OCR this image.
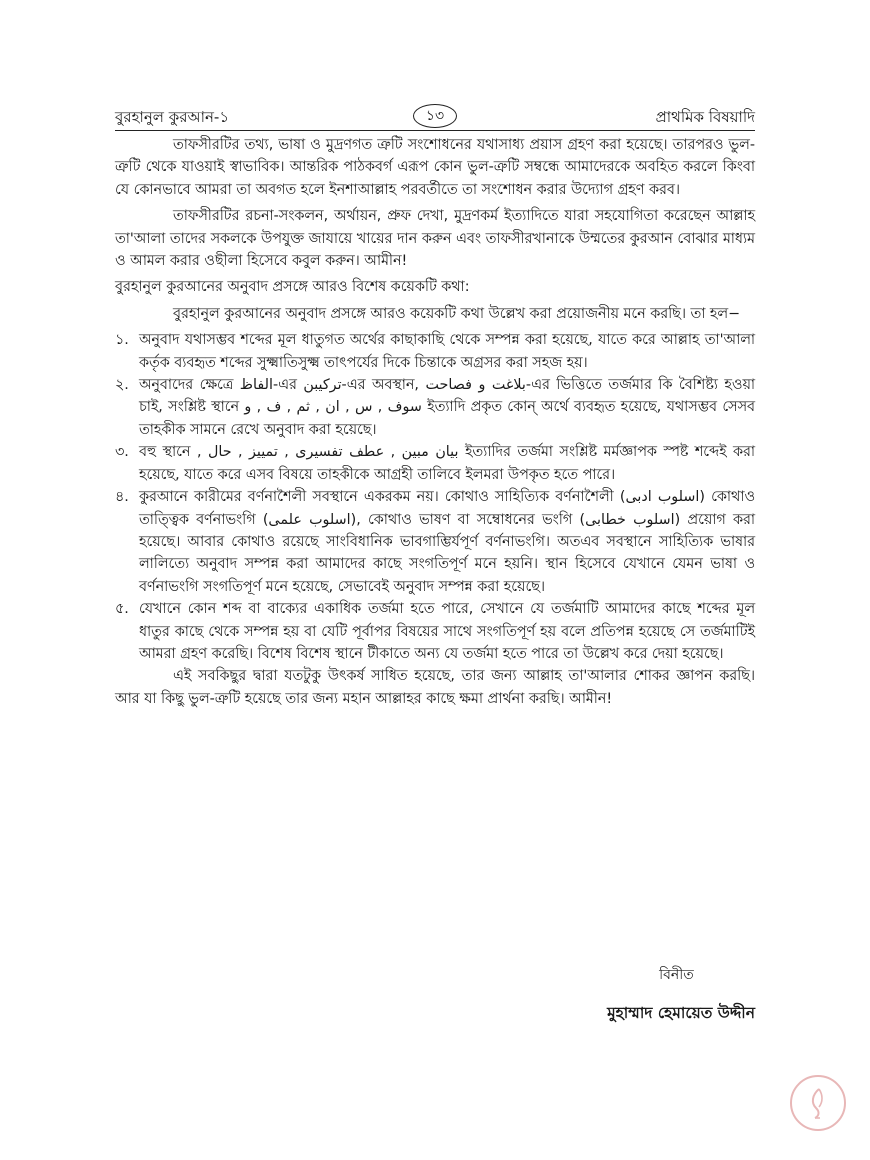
বুরহানুল কুরআন-১	১৩	প্রাথমিক বিষয়াদি

তাফসীরটির তথ্য, ভাষা ও মুদ্রণগত ত্রুটি সংশোধনের যথাসাধ্য প্রয়াস গ্রহণ করা হয়েছে। তারপরও ভুল-ত্রুটি থেকে যাওয়াই স্বাভাবিক। আন্তরিক পাঠকবর্গ এরূপ কোন ভুল-ত্রুটি সম্বন্ধে আমাদেরকে অবহিত করলে কিংবা যে কোনভাবে আমরা তা অবগত হলে ইনশাআল্লাহ পরবর্তীতে তা সংশোধন করার উদ্যোগ গ্রহণ করব।

তাফসীরটির রচনা-সংকলন, অর্থায়ন, প্রুফ দেখা, মুদ্রণকর্ম ইত্যাদিতে যারা সহযোগিতা করেছেন আল্লাহ তা'আলা তাদের সকলকে উপযুক্ত জাযায়ে খায়ের দান করুন এবং তাফসীরখানাকে উম্মতের কুরআন বোঝার মাধ্যম ও আমল করার ওছীলা হিসেবে কবুল করুন। আমীন!

বুরহানুল কুরআনের অনুবাদ প্রসঙ্গে আরও বিশেষ কয়েকটি কথা:

বুরহানুল কুরআনের অনুবাদ প্রসঙ্গে আরও কয়েকটি কথা উল্লেখ করা প্রয়োজনীয় মনে করছি। তা হল−

১. অনুবাদ যথাসম্ভব শব্দের মূল ধাতুগত অর্থের কাছাকাছি থেকে সম্পন্ন করা হয়েছে, যাতে করে আল্লাহ তা'আলা কর্তৃক ব্যবহৃত শব্দের সুক্ষ্মাতিসুক্ষ্ম তাৎপর্যের দিকে চিন্তাকে অগ্রসর করা সহজ হয়।

২. অনুবাদের ক্ষেত্রে الفاظ-এর تركيبن-এর অবস্থান, بلاغت و فصاحت-এর ভিত্তিতে তর্জমার কি বৈশিষ্ট্য হওয়া চাই, সংশ্লিষ্ট স্থানে سوف , س , ان , ثم , ف , و ইত্যাদি প্রকৃত কোন্ অর্থে ব্যবহৃত হয়েছে, যথাসম্ভব সেসব তাহকীক সামনে রেখে অনুবাদ করা হয়েছে।

৩. বহু স্থানে بيان مبين , عطف تفسيرى , تمييز , حال , ইত্যাদির তর্জমা সংশ্লিষ্ট মর্মজ্ঞাপক স্পষ্ট শব্দেই করা হয়েছে, যাতে করে এসব বিষয়ে তাহকীকে আগ্রহী তালিবে ইলমরা উপকৃত হতে পারে।

৪. কুরআনে কারীমের বর্ণনাশৈলী সবস্থানে একরকম নয়। কোথাও সাহিত্যিক বর্ণনাশৈলী (اسلوب ادبى) কোথাও তাত্ত্বিক বর্ণনাভংগি (اسلوب علمى), কোথাও ভাষণ বা সম্বোধনের ভংগি (اسلوب خطابى) প্রয়োগ করা হয়েছে। আবার কোথাও রয়েছে সাংবিধানিক ভাবগাম্ভির্যপূর্ণ বর্ণনাভংগি। অতএব সবস্থানে সাহিত্যিক ভাষার লালিত্যে অনুবাদ সম্পন্ন করা আমাদের কাছে সংগতিপূর্ণ মনে হয়নি। স্থান হিসেবে যেখানে যেমন ভাষা ও বর্ণনাভংগি সংগতিপূর্ণ মনে হয়েছে, সেভাবেই অনুবাদ সম্পন্ন করা হয়েছে।

৫. যেখানে কোন শব্দ বা বাক্যের একাধিক তর্জমা হতে পারে, সেখানে যে তর্জমাটি আমাদের কাছে শব্দের মূল ধাতুর কাছে থেকে সম্পন্ন হয় বা যেটি পূর্বাপর বিষয়ের সাথে সংগতিপূর্ণ হয় বলে প্রতিপন্ন হয়েছে সে তর্জমাটিই আমরা গ্রহণ করেছি। বিশেষ বিশেষ স্থানে টীকাতে অন্য যে তর্জমা হতে পারে তা উল্লেখ করে দেয়া হয়েছে।

এই সবকিছুর দ্বারা যতটুকু উৎকর্ষ সাধিত হয়েছে, তার জন্য আল্লাহ তা'আলার শোকর জ্ঞাপন করছি। আর যা কিছু ভুল-ত্রুটি হয়েছে তার জন্য মহান আল্লাহর কাছে ক্ষমা প্রার্থনা করছি। আমীন!

বিনীত
মুহাম্মাদ হেমায়েত উদ্দীন
